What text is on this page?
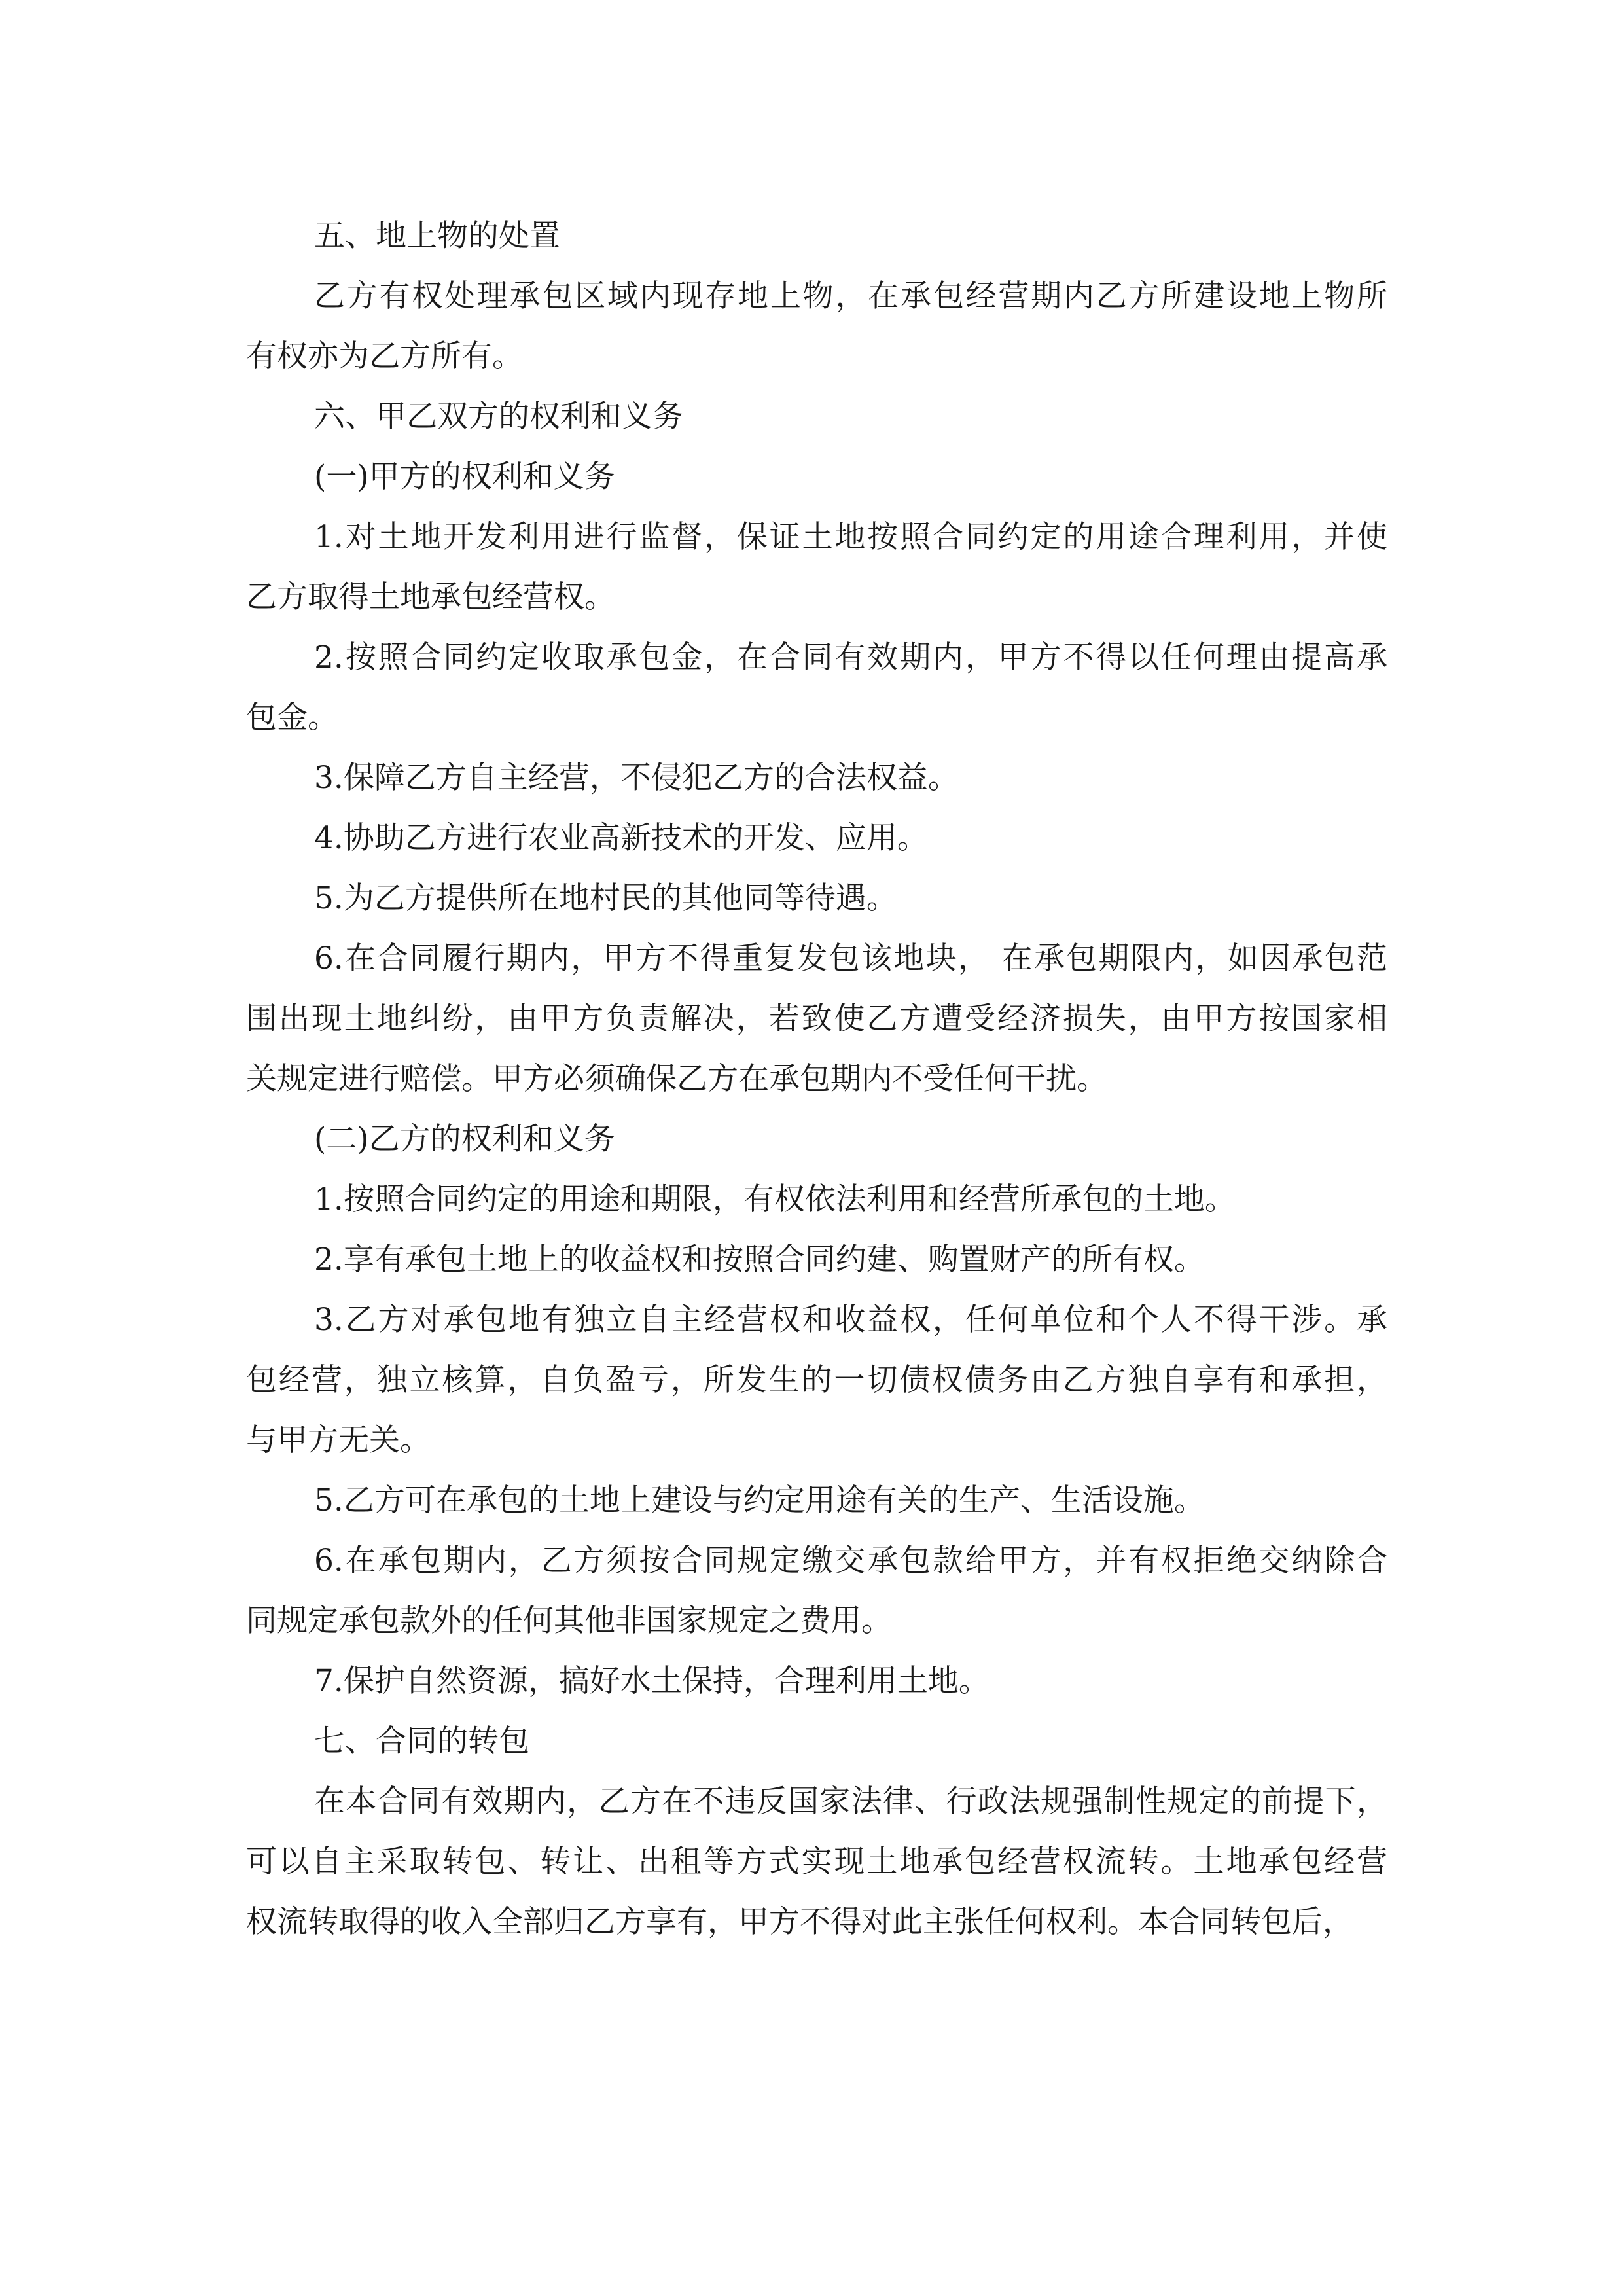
五、地上物的处置
乙方有权处理承包区域内现存地上物，在承包经营期内乙方所建设地上物所
有权亦为乙方所有。
六、甲乙双方的权利和义务
(一)甲方的权利和义务
1.对土地开发利用进行监督，保证土地按照合同约定的用途合理利用，并使
乙方取得土地承包经营权。
2.按照合同约定收取承包金，在合同有效期内，甲方不得以任何理由提高承
包金。
3.保障乙方自主经营，不侵犯乙方的合法权益。
4.协助乙方进行农业高新技术的开发、应用。
5.为乙方提供所在地村民的其他同等待遇。
6.在合同履行期内，甲方不得重复发包该地块， 在承包期限内，如因承包范
围出现土地纠纷，由甲方负责解决，若致使乙方遭受经济损失，由甲方按国家相
关规定进行赔偿。甲方必须确保乙方在承包期内不受任何干扰。
(二)乙方的权利和义务
1.按照合同约定的用途和期限，有权依法利用和经营所承包的土地。
2.享有承包土地上的收益权和按照合同约建、购置财产的所有权。
3.乙方对承包地有独立自主经营权和收益权，任何单位和个人不得干涉。承
包经营，独立核算，自负盈亏，所发生的一切债权债务由乙方独自享有和承担，
与甲方无关。
5.乙方可在承包的土地上建设与约定用途有关的生产、生活设施。
6.在承包期内，乙方须按合同规定缴交承包款给甲方，并有权拒绝交纳除合
同规定承包款外的任何其他非国家规定之费用。
7.保护自然资源，搞好水土保持，合理利用土地。
七、合同的转包
在本合同有效期内，乙方在不违反国家法律、行政法规强制性规定的前提下，
可以自主采取转包、转让、出租等方式实现土地承包经营权流转。土地承包经营
权流转取得的收入全部归乙方享有，甲方不得对此主张任何权利。本合同转包后，
